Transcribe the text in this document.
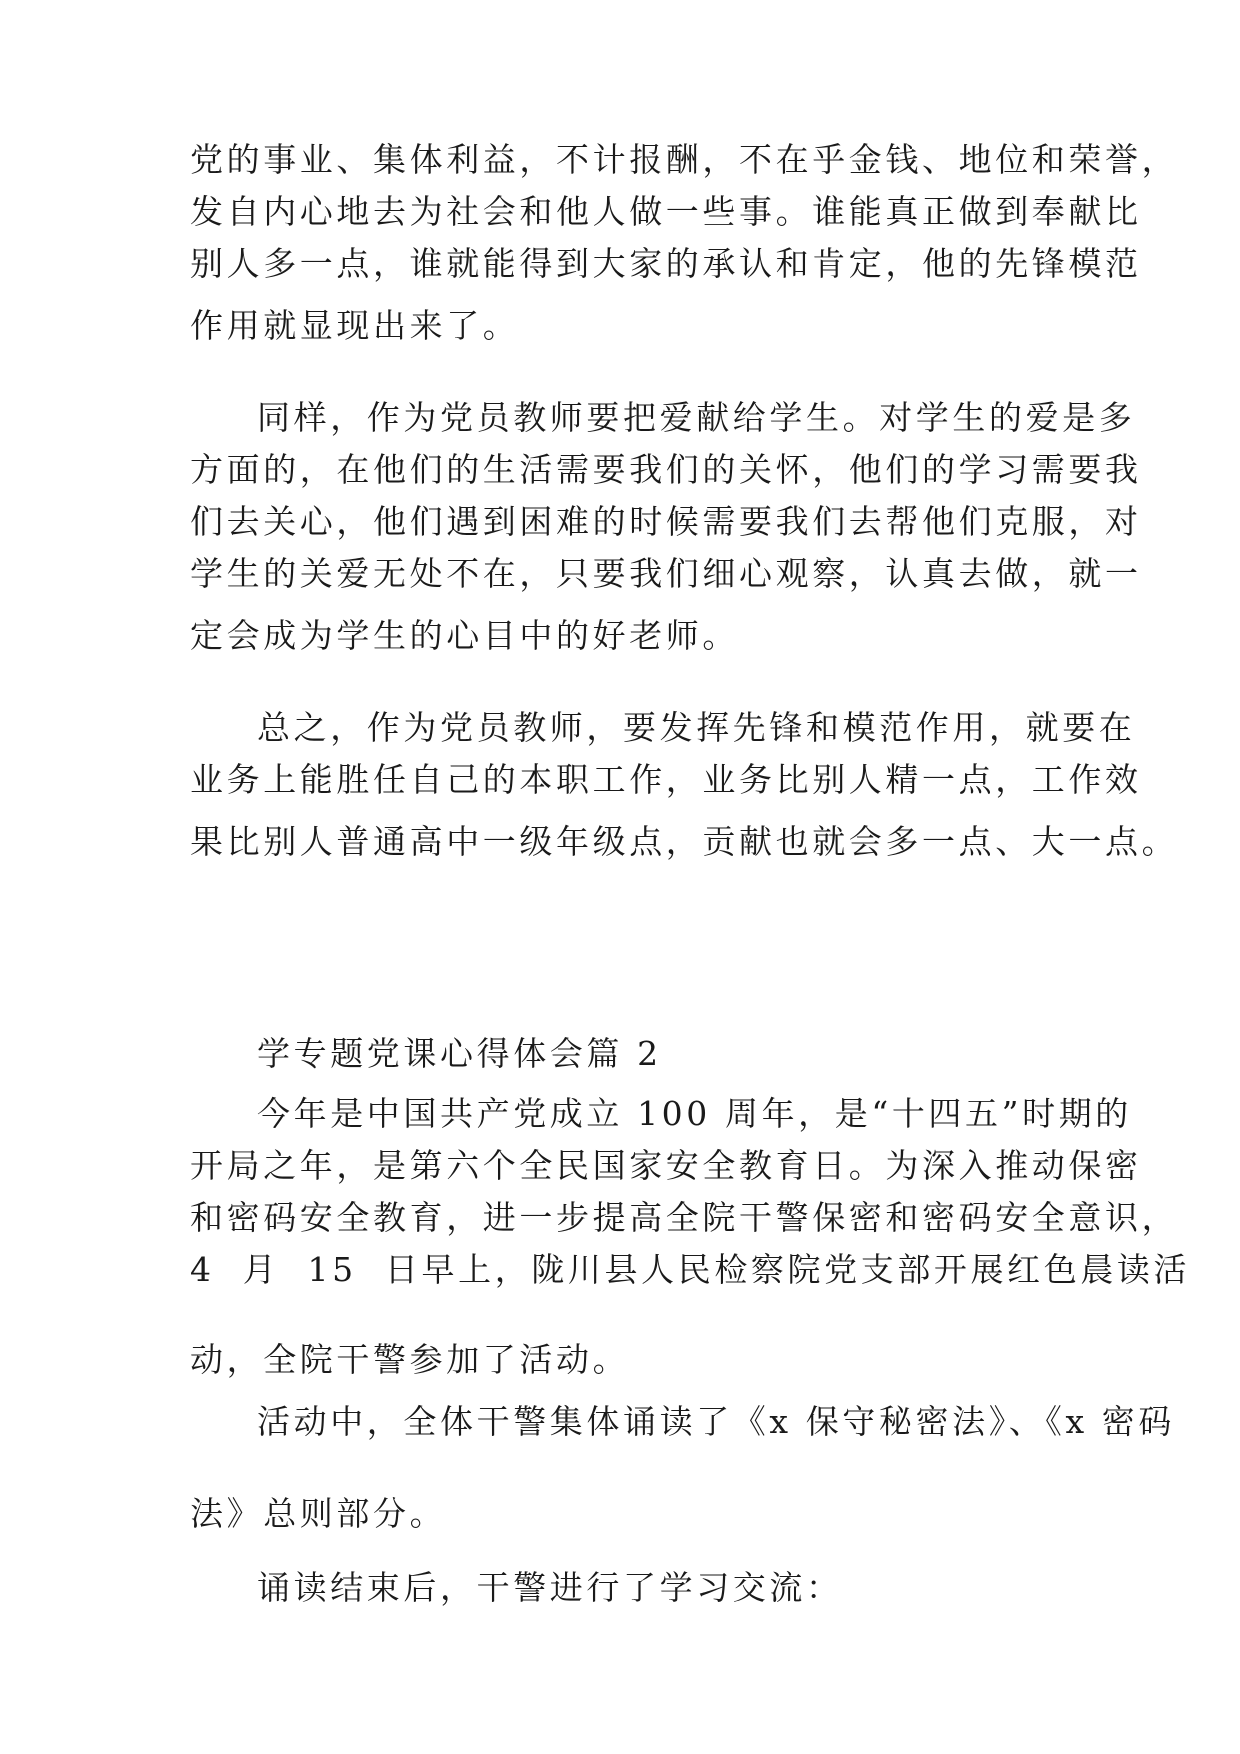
党的事业、集体利益，不计报酬，不在乎金钱、地位和荣誉，
发自内心地去为社会和他人做一些事。谁能真正做到奉献比
别人多一点，谁就能得到大家的承认和肯定，他的先锋模范
作用就显现出来了。
同样，作为党员教师要把爱献给学生。对学生的爱是多
方面的，在他们的生活需要我们的关怀，他们的学习需要我
们去关心，他们遇到困难的时候需要我们去帮他们克服，对
学生的关爱无处不在，只要我们细心观察，认真去做，就一
定会成为学生的心目中的好老师。
总之，作为党员教师，要发挥先锋和模范作用，就要在
业务上能胜任自己的本职工作，业务比别人精一点，工作效
果比别人普通高中一级年级点，贡献也就会多一点、大一点。
学专题党课心得体会篇 2
今年是中国共产党成立 100 周年，是“十四五”时期的
开局之年，是第六个全民国家安全教育日。为深入推动保密
和密码安全教育，进一步提高全院干警保密和密码安全意识，
4  月  15  日早上，陇川县人民检察院党支部开展红色晨读活
动，全院干警参加了活动。
活动中，全体干警集体诵读了《x 保守秘密法》、《x 密码
法》总则部分。
诵读结束后，干警进行了学习交流：
